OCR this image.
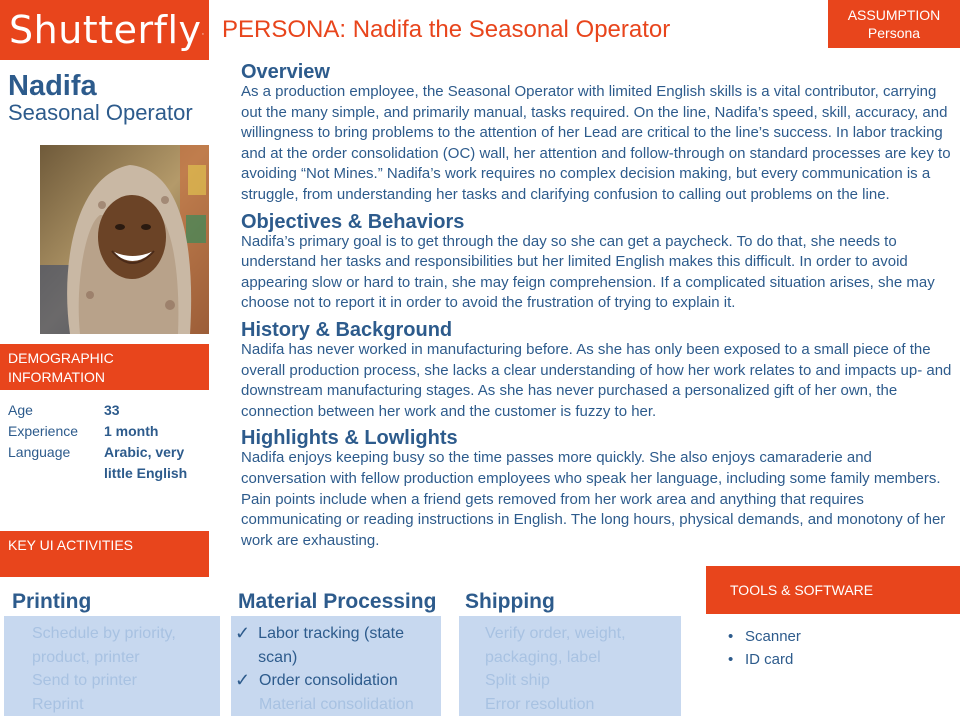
Shutterfly. PERSONA: Nadifa the Seasonal Operator
ASSUMPTION
Persona
Nadifa
Seasonal Operator
DEMOGRAPHIC INFORMATION
Age	33
Experience	1 month
Language	Arabic, very little English
Overview
As a production employee, the Seasonal Operator with limited English skills is a vital contributor, carrying out the many simple, and primarily manual, tasks required. On the line, Nadifa’s speed, skill, accuracy, and willingness to bring problems to the attention of her Lead are critical to the line’s success. In labor tracking and at the order consolidation (OC) wall, her attention and follow-through on standard processes are key to avoiding “Not Mines.” Nadifa’s work requires no complex decision making, but every communication is a struggle, from understanding her tasks and clarifying confusion to calling out problems on the line.
Objectives & Behaviors
Nadifa’s primary goal is to get through the day so she can get a paycheck. To do that, she needs to understand her tasks and responsibilities but her limited English makes this difficult. In order to avoid appearing slow or hard to train, she may feign comprehension. If a complicated situation arises, she may choose not to report it in order to avoid the frustration of trying to explain it.
History & Background
Nadifa has never worked in manufacturing before. As she has only been exposed to a small piece of the overall production process, she lacks a clear understanding of how her work relates to and impacts up- and downstream manufacturing stages. As she has never purchased a personalized gift of her own, the connection between her work and the customer is fuzzy to her.
Highlights & Lowlights
Nadifa enjoys keeping busy so the time passes more quickly. She also enjoys camaraderie and conversation with fellow production employees who speak her language, including some family members. Pain points include when a friend gets removed from her work area and anything that requires communicating or reading instructions in English. The long hours, physical demands, and monotony of her work are exhausting.
KEY UI ACTIVITIES
Printing
Schedule by priority, product, printer
Send to printer
Reprint
Material Processing
✓ Labor tracking (state scan)
✓ Order consolidation
Material consolidation
Shipping
Verify order, weight, packaging, label
Split ship
Error resolution
TOOLS & SOFTWARE
• Scanner
• ID card
